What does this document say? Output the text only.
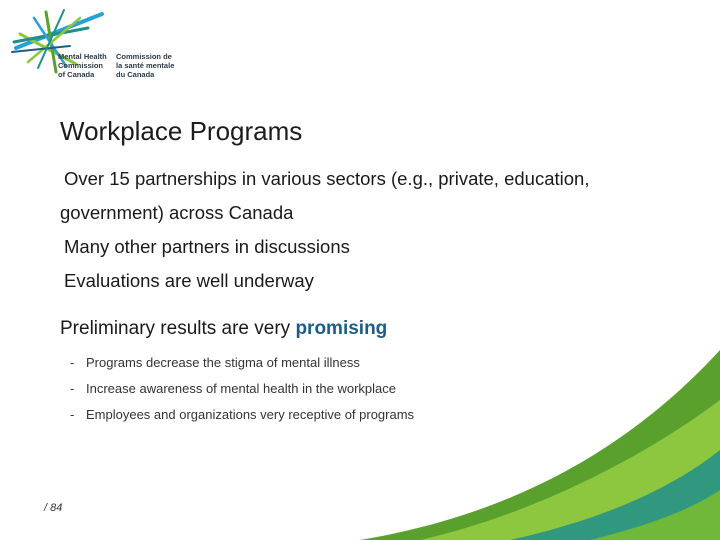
Mental Health
Commission
of Canada
Commission de
la santé mentale
du Canada
Workplace Programs
Over 15 partnerships in various sectors (e.g., private, education,
government) across Canada
Many other partners in discussions
Evaluations are well underway
Preliminary results are very promising
- Programs decrease the stigma of mental illness
- Increase awareness of mental health in the workplace
- Employees and organizations very receptive of programs
/ 84
